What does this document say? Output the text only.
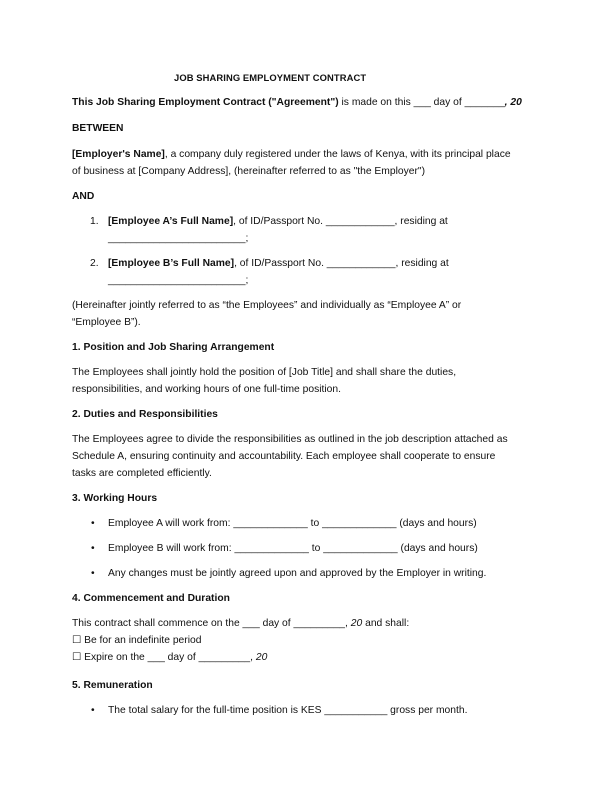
JOB SHARING EMPLOYMENT CONTRACT
This Job Sharing Employment Contract ("Agreement") is made on this ___ day of _______, 20
BETWEEN
[Employer's Name], a company duly registered under the laws of Kenya, with its principal place
of business at [Company Address], (hereinafter referred to as "the Employer")
AND
1. [Employee A’s Full Name], of ID/Passport No. ____________, residing at
________________________;
2. [Employee B’s Full Name], of ID/Passport No. ____________, residing at
________________________;
(Hereinafter jointly referred to as “the Employees” and individually as “Employee A” or
“Employee B”).
1. Position and Job Sharing Arrangement
The Employees shall jointly hold the position of [Job Title] and shall share the duties,
responsibilities, and working hours of one full-time position.
2. Duties and Responsibilities
The Employees agree to divide the responsibilities as outlined in the job description attached as
Schedule A, ensuring continuity and accountability. Each employee shall cooperate to ensure
tasks are completed efficiently.
3. Working Hours
• Employee A will work from: _____________ to _____________ (days and hours)
• Employee B will work from: _____________ to _____________ (days and hours)
• Any changes must be jointly agreed upon and approved by the Employer in writing.
4. Commencement and Duration
This contract shall commence on the ___ day of _________, 20 and shall:
☐ Be for an indefinite period
☐ Expire on the ___ day of _________, 20
5. Remuneration
• The total salary for the full-time position is KES ___________ gross per month.
